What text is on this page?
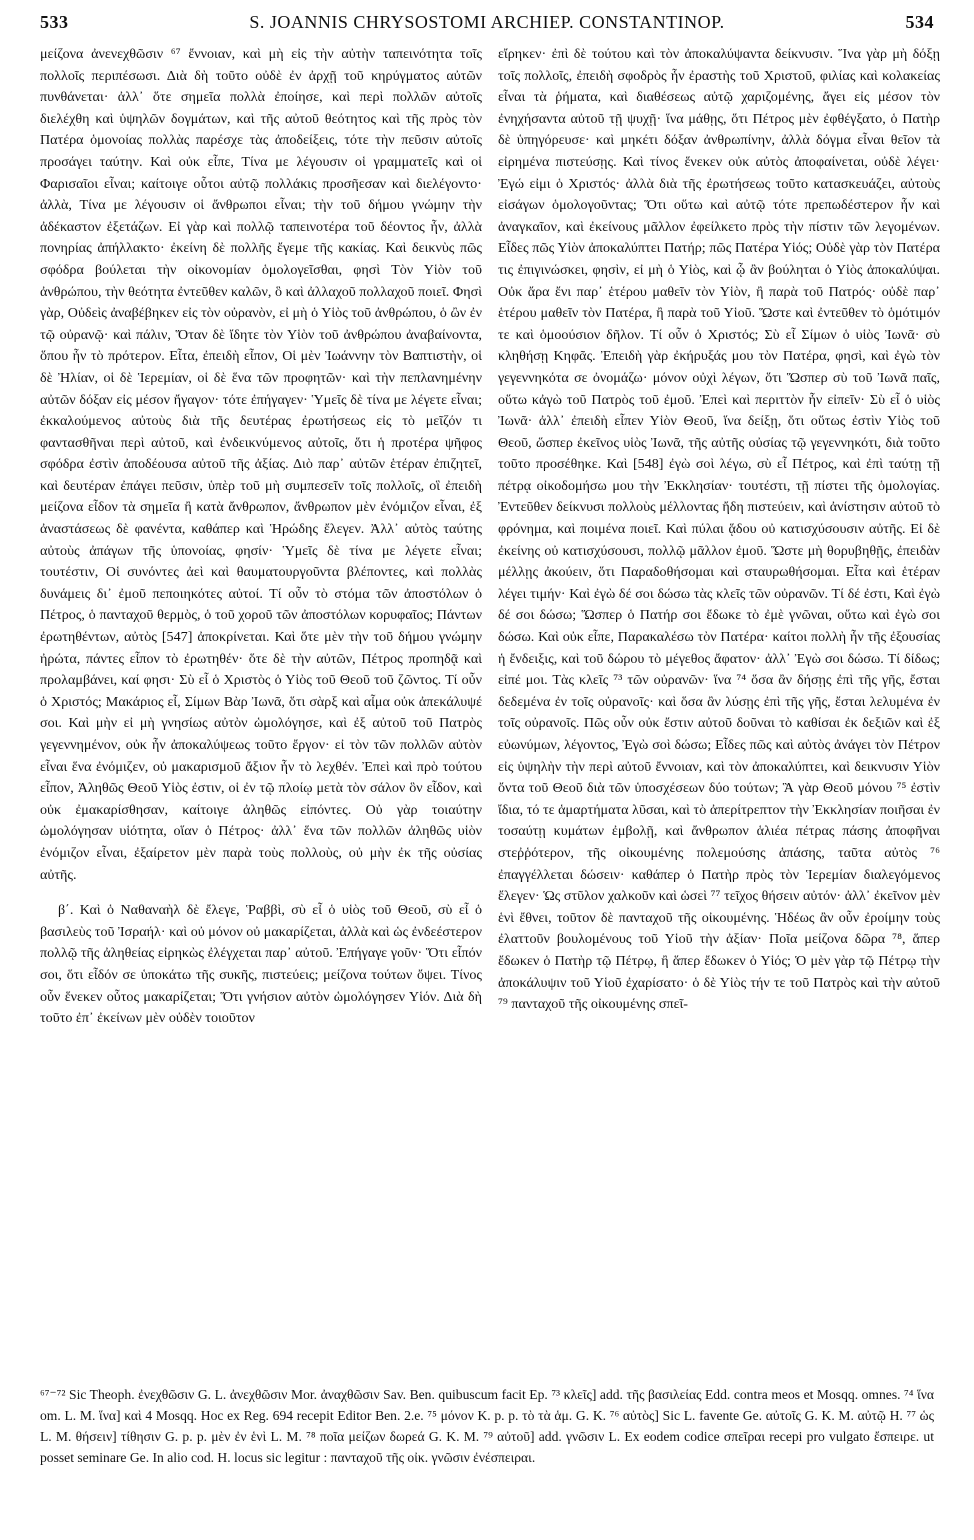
533	S. JOANNIS CHRYSOSTOMI ARCHIEP. CONSTANTINOP.	534

μείζονα ἀνενεχθῶσιν ⁶⁷ ἔννοιαν, καὶ μὴ εἰς τὴν αὐτὴν ταπεινότητα τοῖς πολλοῖς περιπέσωσι. Διὰ δὴ τοῦτο οὐδὲ ἐν ἀρχῇ τοῦ κηρύγματος αὐτῶν πυνθάνεται· ἀλλ᾽ ὅτε σημεῖα πολλὰ ἐποίησε, καὶ περὶ πολλῶν αὐτοῖς διελέχθη καὶ ὑψηλῶν δογμάτων, καὶ τῆς αὐτοῦ θεότητος καὶ τῆς πρὸς τὸν Πατέρα ὁμονοίας πολλὰς παρέσχε τὰς ἀποδείξεις, τότε τὴν πεῦσιν αὐτοῖς προσάγει ταύτην. Καὶ οὐκ εἶπε, Τίνα με λέγουσιν οἱ γραμματεῖς καὶ οἱ Φαρισαῖοι εἶναι; καίτοιγε οὗτοι αὐτῷ πολλάκις προσῆεσαν καὶ διελέγοντο· ἀλλὰ, Τίνα με λέγουσιν οἱ ἄνθρωποι εἶναι; τὴν τοῦ δήμου γνώμην τὴν ἀδέκαστον ἐξετάζων. Εἰ γὰρ καὶ πολλῷ ταπεινοτέρα τοῦ δέοντος ἦν, ἀλλὰ πονηρίας ἀπήλλακτο· ἐκείνη δὲ πολλῆς ἔγεμε τῆς κακίας. Καὶ δεικνὺς πῶς σφόδρα βούλεται τὴν οἰκονομίαν ὁμολογεῖσθαι, φησὶ Τὸν Υἱὸν τοῦ ἀνθρώπου, τὴν θεότητα ἐντεῦθεν καλῶν, ὃ καὶ ἀλλαχοῦ πολλαχοῦ ποιεῖ. Φησὶ γὰρ, Οὐδεὶς ἀναβέβηκεν εἰς τὸν οὐρανὸν, εἰ μὴ ὁ Υἱὸς τοῦ ἀνθρώπου, ὁ ὢν ἐν τῷ οὐρανῷ· καὶ πάλιν, Ὅταν δὲ ἴδητε τὸν Υἱὸν τοῦ ἀνθρώπου ἀναβαίνοντα, ὅπου ἦν τὸ πρότερον. Εἶτα, ἐπειδὴ εἶπον, Οἱ μὲν Ἰωάννην τὸν Βαπτιστὴν, οἱ δὲ Ἠλίαν, οἱ δὲ Ἱερεμίαν, οἱ δὲ ἕνα τῶν προφητῶν· καὶ τὴν πεπλανημένην αὐτῶν δόξαν εἰς μέσον ἤγαγον· τότε ἐπήγαγεν· Ὑμεῖς δὲ τίνα με λέγετε εἶναι; ἐκκαλούμενος αὐτοὺς διὰ τῆς δευτέρας ἐρωτήσεως εἰς τὸ μεῖζόν τι φαντασθῆναι περὶ αὐτοῦ, καὶ ἐνδεικνύμενος αὐτοῖς, ὅτι ἡ προτέρα ψῆφος σφόδρα ἐστὶν ἀποδέουσα αὐτοῦ τῆς ἀξίας. Διὸ παρ᾽ αὐτῶν ἑτέραν ἐπιζητεῖ, καὶ δευτέραν ἐπάγει πεῦσιν, ὑπὲρ τοῦ μὴ συμπεσεῖν τοῖς πολλοῖς, οἳ ἐπειδὴ μείζονα εἶδον τὰ σημεῖα ἢ κατὰ ἄνθρωπον, ἄνθρωπον μὲν ἐνόμιζον εἶναι, ἐξ ἀναστάσεως δὲ φανέντα, καθάπερ καὶ Ἡρώδης ἔλεγεν. Ἀλλ᾽ αὐτὸς ταύτης αὐτοὺς ἀπάγων τῆς ὑπονοίας, φησίν· Ὑμεῖς δὲ τίνα με λέγετε εἶναι; τουτέστιν, Οἱ συνόντες ἀεὶ καὶ θαυματουργοῦντα βλέποντες, καὶ πολλὰς δυνάμεις δι᾽ ἐμοῦ πεποιηκότες αὐτοί. Τί οὖν τὸ στόμα τῶν ἀποστόλων ὁ Πέτρος, ὁ πανταχοῦ θερμὸς, ὁ τοῦ χοροῦ τῶν ἀποστόλων κορυφαῖος; Πάντων ἐρωτηθέντων, αὐτὸς [547] ἀποκρίνεται. Καὶ ὅτε μὲν τὴν τοῦ δήμου γνώμην ἠρώτα, πάντες εἶπον τὸ ἐρωτηθέν· ὅτε δὲ τὴν αὐτῶν, Πέτρος προπηδᾷ καὶ προλαμβάνει, καί φησι· Σὺ εἶ ὁ Χριστὸς ὁ Υἱὸς τοῦ Θεοῦ τοῦ ζῶντος. Τί οὖν ὁ Χριστός; Μακάριος εἶ, Σίμων Βὰρ Ἰωνᾶ, ὅτι σὰρξ καὶ αἷμα οὐκ ἀπεκάλυψέ σοι. Καὶ μὴν εἰ μὴ γνησίως αὐτὸν ὡμολόγησε, καὶ ἐξ αὐτοῦ τοῦ Πατρὸς γεγεννημένον, οὐκ ἦν ἀποκαλύψεως τοῦτο ἔργον· εἰ τὸν τῶν πολλῶν αὐτὸν εἶναι ἕνα ἐνόμιζεν, οὐ μακαρισμοῦ ἄξιον ἦν τὸ λεχθέν. Ἐπεὶ καὶ πρὸ τούτου εἶπον, Ἀληθῶς Θεοῦ Υἱὸς ἐστιν, οἱ ἐν τῷ πλοίῳ μετὰ τὸν σάλον ὃν εἶδον, καὶ οὐκ ἐμακαρίσθησαν, καίτοιγε ἀληθῶς εἰπόντες. Οὐ γὰρ τοιαύτην ὡμολόγησαν υἱότητα, οἵαν ὁ Πέτρος· ἀλλ᾽ ἕνα τῶν πολλῶν ἀληθῶς υἱὸν ἐνόμιζον εἶναι, ἐξαίρετον μὲν παρὰ τοὺς πολλοὺς, οὐ μὴν ἐκ τῆς οὐσίας αὐτῆς.

β΄. Καὶ ὁ Ναθαναὴλ δὲ ἔλεγε, Ῥαββὶ, σὺ εἶ ὁ υἱὸς τοῦ Θεοῦ, σὺ εἶ ὁ βασιλεὺς τοῦ Ἰσραήλ· καὶ οὐ μόνον οὐ μακαρίζεται, ἀλλὰ καὶ ὡς ἐνδεέστερον πολλῷ τῆς ἀληθείας εἰρηκὼς ἐλέγχεται παρ᾽ αὐτοῦ. Ἐπήγαγε γοῦν· Ὅτι εἶπόν σοι, ὅτι εἶδόν σε ὑποκάτω τῆς συκῆς, πιστεύεις; μείζονα τούτων ὄψει. Τίνος οὖν ἕνεκεν οὗτος μακαρίζεται; Ὅτι γνήσιον αὐτὸν ὡμολόγησεν Υἱόν. Διὰ δὴ τοῦτο ἐπ᾽ ἐκείνων μὲν οὐδὲν τοιοῦτον

εἴρηκεν· ἐπὶ δὲ τούτου καὶ τὸν ἀποκαλύψαντα δείκνυσιν. Ἵνα γὰρ μὴ δόξῃ τοῖς πολλοῖς, ἐπειδὴ σφοδρὸς ἦν ἐραστὴς τοῦ Χριστοῦ, φιλίας καὶ κολακείας εἶναι τὰ ῥήματα, καὶ διαθέσεως αὐτῷ χαριζομένης, ἄγει εἰς μέσον τὸν ἐνηχήσαντα αὐτοῦ τῇ ψυχῇ· ἵνα μάθῃς, ὅτι Πέτρος μὲν ἐφθέγξατο, ὁ Πατὴρ δὲ ὑπηγόρευσε· καὶ μηκέτι δόξαν ἀνθρωπίνην, ἀλλὰ δόγμα εἶναι θεῖον τὰ εἰρημένα πιστεύσῃς. Καὶ τίνος ἕνεκεν οὐκ αὐτὸς ἀποφαίνεται, οὐδὲ λέγει· Ἐγώ εἰμι ὁ Χριστός· ἀλλὰ διὰ τῆς ἐρωτήσεως τοῦτο κατασκευάζει, αὐτοὺς εἰσάγων ὁμολογοῦντας; Ὅτι οὕτω καὶ αὐτῷ τότε πρεπωδέστερον ἦν καὶ ἀναγκαῖον, καὶ ἐκείνους μᾶλλον ἐφείλκετο πρὸς τὴν πίστιν τῶν λεγομένων. Εἶδες πῶς Υἱὸν ἀποκαλύπτει Πατήρ; πῶς Πατέρα Υἱός; Οὐδὲ γὰρ τὸν Πατέρα τις ἐπιγινώσκει, φησὶν, εἰ μὴ ὁ Υἱὸς, καὶ ᾧ ἂν βούληται ὁ Υἱὸς ἀποκαλύψαι. Οὐκ ἄρα ἔνι παρ᾽ ἑτέρου μαθεῖν τὸν Υἱὸν, ἢ παρὰ τοῦ Πατρός· οὐδὲ παρ᾽ ἑτέρου μαθεῖν τὸν Πατέρα, ἢ παρὰ τοῦ Υἱοῦ. Ὥστε καὶ ἐντεῦθεν τὸ ὁμότιμόν τε καὶ ὁμοούσιον δῆλον. Τί οὖν ὁ Χριστός; Σὺ εἶ Σίμων ὁ υἱὸς Ἰωνᾶ· σὺ κληθήσῃ Κηφᾶς. Ἐπειδὴ γὰρ ἐκήρυξάς μου τὸν Πατέρα, φησὶ, καὶ ἐγὼ τὸν γεγεννηκότα σε ὀνομάζω· μόνον οὐχὶ λέγων, ὅτι Ὥσπερ σὺ τοῦ Ἰωνᾶ παῖς, οὕτω κἀγὼ τοῦ Πατρὸς τοῦ ἐμοῦ. Ἐπεὶ καὶ περιττὸν ἦν εἰπεῖν· Σὺ εἶ ὁ υἱὸς Ἰωνᾶ· ἀλλ᾽ ἐπειδὴ εἶπεν Υἱὸν Θεοῦ, ἵνα δείξῃ, ὅτι οὕτως ἐστὶν Υἱὸς τοῦ Θεοῦ, ὥσπερ ἐκεῖνος υἱὸς Ἰωνᾶ, τῆς αὐτῆς οὐσίας τῷ γεγεννηκότι, διὰ τοῦτο τοῦτο προσέθηκε. Καὶ [548] ἐγὼ σοὶ λέγω, σὺ εἶ Πέτρος, καὶ ἐπὶ ταύτῃ τῇ πέτρᾳ οἰκοδομήσω μου τὴν Ἐκκλησίαν· τουτέστι, τῇ πίστει τῆς ὁμολογίας. Ἐντεῦθεν δείκνυσι πολλοὺς μέλλοντας ἤδη πιστεύειν, καὶ ἀνίστησιν αὐτοῦ τὸ φρόνημα, καὶ ποιμένα ποιεῖ. Καὶ πύλαι ᾅδου οὐ κατισχύσουσιν αὐτῆς. Εἰ δὲ ἐκείνης οὐ κατισχύσουσι, πολλῷ μᾶλλον ἐμοῦ. Ὥστε μὴ θορυβηθῇς, ἐπειδὰν μέλλῃς ἀκούειν, ὅτι Παραδοθήσομαι καὶ σταυρωθήσομαι. Εἶτα καὶ ἑτέραν λέγει τιμήν· Καὶ ἐγὼ δέ σοι δώσω τὰς κλεῖς τῶν οὐρανῶν. Τί δέ ἐστι, Καὶ ἐγὼ δέ σοι δώσω; Ὥσπερ ὁ Πατήρ σοι ἔδωκε τὸ ἐμὲ γνῶναι, οὕτω καὶ ἐγὼ σοι δώσω. Καὶ οὐκ εἶπε, Παρακαλέσω τὸν Πατέρα· καίτοι πολλὴ ἦν τῆς ἐξουσίας ἡ ἔνδειξις, καὶ τοῦ δώρου τὸ μέγεθος ἄφατον· ἀλλ᾽ Ἐγὼ σοι δώσω. Τί δίδως; εἰπέ μοι. Τὰς κλεῖς ⁷³ τῶν οὐρανῶν· ἵνα ⁷⁴ ὅσα ἂν δήσῃς ἐπὶ τῆς γῆς, ἔσται δεδεμένα ἐν τοῖς οὐρανοῖς· καὶ ὅσα ἂν λύσῃς ἐπὶ τῆς γῆς, ἔσται λελυμένα ἐν τοῖς οὐρανοῖς. Πῶς οὖν οὐκ ἔστιν αὐτοῦ δοῦναι τὸ καθίσαι ἐκ δεξιῶν καὶ ἐξ εὐωνύμων, λέγοντος, Ἐγὼ σοὶ δώσω; Εἶδες πῶς καὶ αὐτὸς ἀνάγει τὸν Πέτρον εἰς ὑψηλὴν τὴν περὶ αὐτοῦ ἔννοιαν, καὶ τὸν ἀποκαλύπτει, καὶ δεικνυσιν Υἱὸν ὄντα τοῦ Θεοῦ διὰ τῶν ὑποσχέσεων δύο τούτων; Ἃ γὰρ Θεοῦ μόνου ⁷⁵ ἐστὶν ἴδια, τό τε ἁμαρτήματα λῦσαι, καὶ τὸ ἀπερίτρεπτον τὴν Ἐκκλησίαν ποιῆσαι ἐν τοσαύτῃ κυμάτων ἐμβολῇ, καὶ ἄνθρωπον ἁλιέα πέτρας πάσης ἀποφῆναι στεῤῥότερον, τῆς οἰκουμένης πολεμούσης ἁπάσης, ταῦτα αὐτὸς ⁷⁶ ἐπαγγέλλεται δώσειν· καθάπερ ὁ Πατὴρ πρὸς τὸν Ἱερεμίαν διαλεγόμενος ἔλεγεν· Ὡς στῦλον χαλκοῦν καὶ ὡσεὶ ⁷⁷ τεῖχος θήσειν αὐτόν· ἀλλ᾽ ἐκεῖνον μὲν ἑνὶ ἔθνει, τοῦτον δὲ πανταχοῦ τῆς οἰκουμένης. Ἡδέως ἂν οὖν ἐροίμην τοὺς ἐλαττοῦν βουλομένους τοῦ Υἱοῦ τὴν ἀξίαν· Ποῖα μείζονα δῶρα ⁷⁸, ἅπερ ἔδωκεν ὁ Πατὴρ τῷ Πέτρῳ, ἢ ἅπερ ἔδωκεν ὁ Υἱός; Ὁ μὲν γὰρ τῷ Πέτρῳ τὴν ἀποκάλυψιν τοῦ Υἱοῦ ἐχαρίσατο· ὁ δὲ Υἱὸς τήν τε τοῦ Πατρὸς καὶ τὴν αὐτοῦ ⁷⁹ πανταχοῦ τῆς οἰκουμένης σπεῖ-

⁶⁷⁻⁷² Sic Theoph. ἐνεχθῶσιν G. L. ἀνεχθῶσιν Mor. ἀναχθῶσιν Sav. Ben. quibuscum facit Ep. ⁷³ κλεῖς] add. τῆς βασιλείας Edd. contra meos et Mosqq. omnes. ⁷⁴ ἵνα om. L. M. ἵνα] καὶ 4 Mosqq. Hoc ex Reg. 694 recepit Editor Ben. 2.e. ⁷⁵ μόνον K. p. p. τὸ τὰ ἁμ. G. K. ⁷⁶ αὐτὸς] Sic L. favente Ge. αὐτοῖς G. K. M. αὐτῷ H. ⁷⁷ ὡς L. M. θήσειν] τίθησιν G. p. p. μὲν ἐν ἑνὶ L. M. ⁷⁸ ποῖα μείζων δωρεά G. K. M. ⁷⁹ αὐτοῦ] add. γνῶσιν L. Ex eodem codice σπεῖραι recepi pro vulgato ἔσπειρε. ut posset seminare Ge. In alio cod. H. locus sic legitur : πανταχοῦ τῆς οἰκ. γνῶσιν ἐνέσπειραι.
